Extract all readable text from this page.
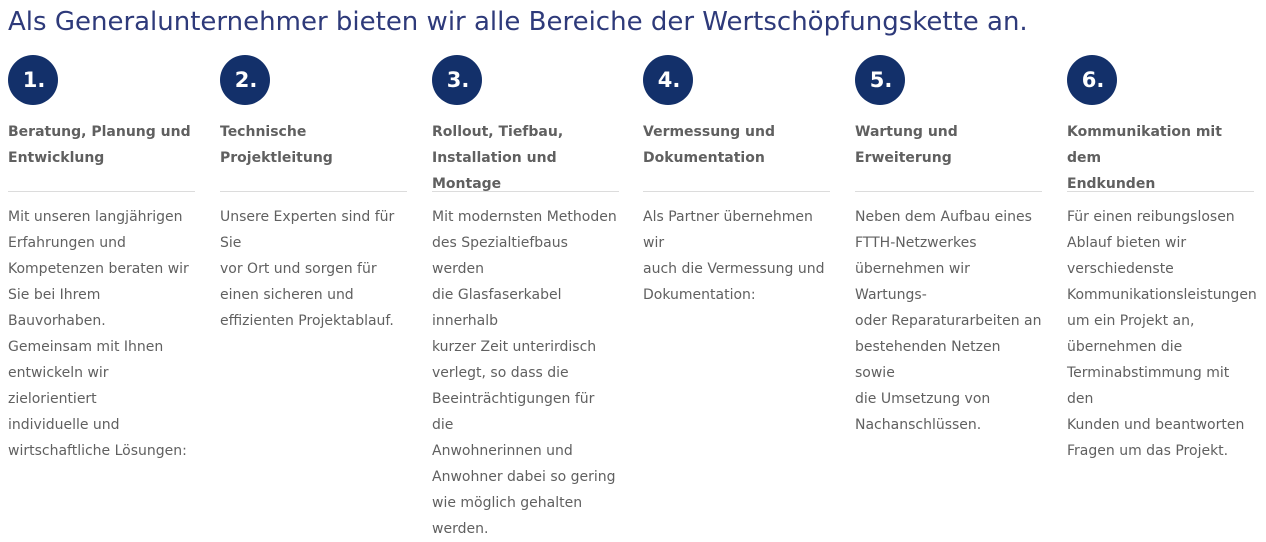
Als Generalunternehmer bieten wir alle Bereiche der Wertschöpfungskette an.
1.
Beratung, Planung und
Entwicklung
Mit unseren langjährigen
Erfahrungen und
Kompetenzen beraten wir
Sie bei Ihrem Bauvorhaben.
Gemeinsam mit Ihnen
entwickeln wir zielorientiert
individuelle und
wirtschaftliche Lösungen:
2.
Technische
Projektleitung
Unsere Experten sind für Sie
vor Ort und sorgen für
einen sicheren und
effizienten Projektablauf.
3.
Rollout, Tiefbau,
Installation und Montage
Mit modernsten Methoden
des Spezialtiefbaus werden
die Glasfaserkabel innerhalb
kurzer Zeit unterirdisch
verlegt, so dass die
Beeinträchtigungen für die
Anwohnerinnen und
Anwohner dabei so gering
wie möglich gehalten
werden.
4.
Vermessung und
Dokumentation
Als Partner übernehmen wir
auch die Vermessung und
Dokumentation:
5.
Wartung und
Erweiterung
Neben dem Aufbau eines
FTTH-Netzwerkes
übernehmen wir Wartungs-
oder Reparaturarbeiten an
bestehenden Netzen sowie
die Umsetzung von
Nachanschlüssen.
6.
Kommunikation mit dem
Endkunden
Für einen reibungslosen
Ablauf bieten wir
verschiedenste
Kommunikationsleistungen
um ein Projekt an,
übernehmen die
Terminabstimmung mit den
Kunden und beantworten
Fragen um das Projekt.
